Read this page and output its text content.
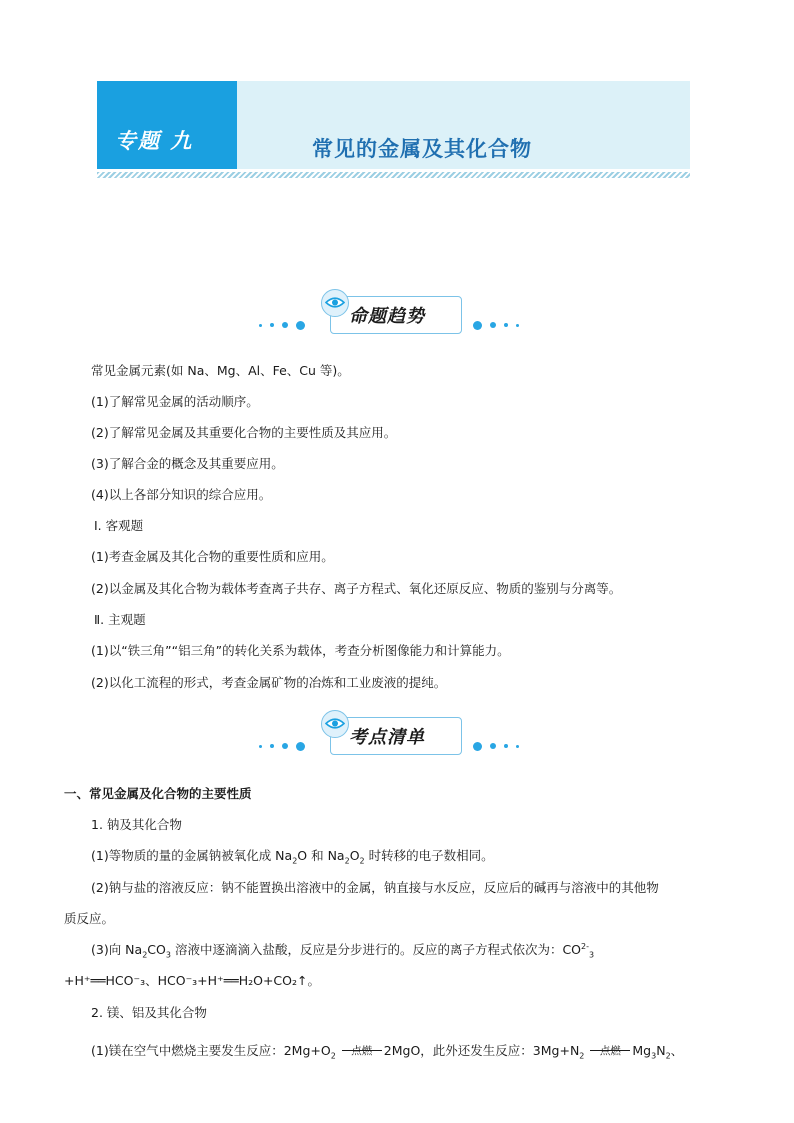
专题 九	常见的金属及其化合物
命题趋势
常见金属元素(如 Na、Mg、Al、Fe、Cu 等)。
(1)了解常见金属的活动顺序。
(2)了解常见金属及其重要化合物的主要性质及其应用。
(3)了解合金的概念及其重要应用。
(4)以上各部分知识的综合应用。
Ⅰ. 客观题
(1)考查金属及其化合物的重要性质和应用。
(2)以金属及其化合物为载体考查离子共存、离子方程式、氧化还原反应、物质的鉴别与分离等。
Ⅱ. 主观题
(1)以“铁三角”“铝三角”的转化关系为载体，考查分析图像能力和计算能力。
(2)以化工流程的形式，考查金属矿物的冶炼和工业废液的提纯。
考点清单
一、常见金属及化合物的主要性质
1. 钠及其化合物
(1)等物质的量的金属钠被氧化成 $Na_2O$ 和 $Na_2O_2$ 时转移的电子数相同。
(2)钠与盐的溶液反应：钠不能置换出溶液中的金属，钠直接与水反应，反应后的碱再与溶液中的其他物
质反应。
(3)向 $Na_2CO_3$ 溶液中逐滴滴入盐酸，反应是分步进行的。反应的离子方程式依次为：$CO^{2-}_3$
+H⁺══HCO⁻₃、HCO⁻₃+H⁺══H₂O+CO₂↑。
2. 镁、铝及其化合物
(1)镁在空气中燃烧主要发生反应：$2Mg+O_2$	点燃 2MgO，此外还发生反应：$3Mg+N_2$	点燃 $Mg_3N_2$、
